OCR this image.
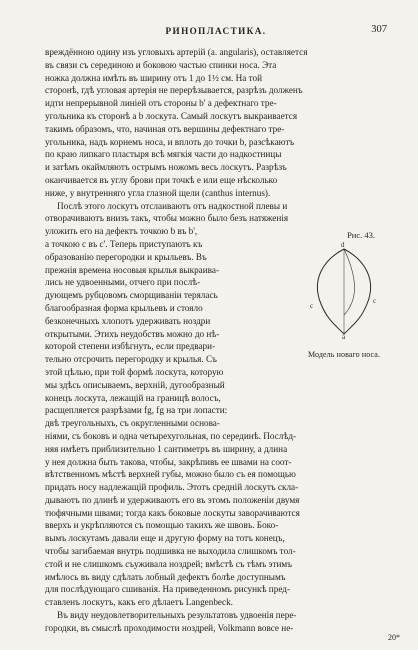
РИНОПЛАСТИКА.	307

вреждённою одину изъ угловыхъ артерій (а. angularis), оставляется

въ связи съ серединою и боковою частью спинки носа. Эта

ножка должна имѣть въ ширину отъ 1 до 1½ см. На той

сторонѣ, гдѣ угловая артерія не перерѣзывается, разрѣзъ долженъ

идти непрерывной линіей отъ стороны b' а дефектнаго тре-

угольника къ сторонѣ a b лоскута. Самый лоскутъ выкраивается

такимъ образомъ, что, начиная отъ вершины дефектнаго тре-

угольника, надъ корнемъ носа, и вплоть до точки b, разсѣкаютъ

по краю липкаго пластыря всѣ мягкія части до надкостницы

и затѣмъ окаймляютъ острымъ ножомъ весь лоскутъ. Разрѣзъ

оканчивается въ углу брови при точкѣ е или еще нѣсколько

ниже, у внутренняго угла глазной щели (canthus internus).

Послѣ этого лоскутъ отслаиваютъ отъ надкостной плевы и

отворачиваютъ внизъ такъ, чтобы можно было безъ натяженія

уложить его на дефектъ точкою b въ b',

а точкою с въ c'. Теперь приступаютъ къ

образованію перегородки и крыльевъ. Въ

прежнія времена носовыя крылья выкраива-

лись не удвоенными, отчего при послѣ-

дующемъ рубцовомъ сморщиваніи терялась

благообразная форма крыльевъ и стояло

безконечныхъ хлопотъ удерживать ноздри

открытыми. Этихъ неудобствъ можно до нѣ-

которой степени избѣгнуть, если предвари-

тельно отсрочить перегородку и крылья. Съ

этой цѣлью, при той формѣ лоскута, которую

мы здѣсь описываемъ, верхній, дугообразный

конецъ лоскута, лежащій на границѣ волосъ,

расщепляется разрѣзами fg, fg на три лопасти:

Рис. 43.
d
c
c
a
Модель новаго носа.

двѣ треугольныхъ, съ округленными основа-

ніями, съ боковъ и одна четырехугольная, по серединѣ. Послѣд-

няя имѣетъ приблизительно 1 сантиметръ въ ширину, а длина

у нея должна быть такова, чтобы, закрѣпивъ ее швами на соот-

вѣтственномъ мѣстѣ верхней губы, можно было съ ея помощью

придать носу надлежащій профиль. Этотъ средній лоскутъ скла-

дываютъ по длинѣ и удерживаютъ его въ этомъ положеніи двумя

тюфячными швами; тогда какъ боковые лоскуты заворачиваются

вверхъ и укрѣпляются съ помощью такихъ же швовъ. Боко-

вымъ лоскутамъ давали еще и другую форму на тотъ конецъ,

чтобы загибаемая внутрь подшивка не выходила слишкомъ тол-

стой и не слишкомъ съуживала ноздрей; вмѣстѣ съ тѣмъ этимъ

имѣлось въ виду сдѣлать лобный дефектъ болѣе доступнымъ

для послѣдующаго сшиванія. На приведенномъ рисункѣ пред-

ставленъ лоскутъ, какъ его дѣлаетъ Langenbeck.

Въ виду неудовлетворительныхъ результатовъ удвоенія пере-

городки, въ смыслѣ проходимости ноздрей, Volkmann вовсе не-

20*
